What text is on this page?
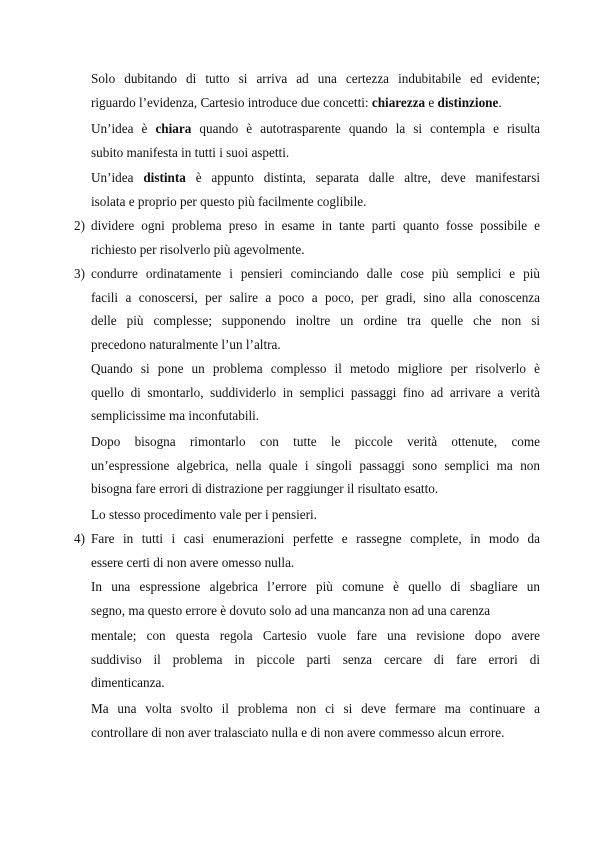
Solo dubitando di tutto si arriva ad una certezza indubitabile ed evidente;
riguardo l’evidenza, Cartesio introduce due concetti: chiarezza e distinzione.
Un’idea è chiara quando è autotrasparente quando la si contempla e risulta
subito manifesta in tutti i suoi aspetti.
Un’idea distinta è appunto distinta, separata dalle altre, deve manifestarsi
isolata e proprio per questo più facilmente coglibile.
2) dividere ogni problema preso in esame in tante parti quanto fosse possibile e
richiesto per risolverlo più agevolmente.
3) condurre ordinatamente i pensieri cominciando dalle cose più semplici e più
facili a conoscersi, per salire a poco a poco, per gradi, sino alla conoscenza
delle più complesse; supponendo inoltre un ordine tra quelle che non si
precedono naturalmente l’un l’altra.
Quando si pone un problema complesso il metodo migliore per risolverlo è
quello di smontarlo, suddividerlo in semplici passaggi fino ad arrivare a verità
semplicissime ma inconfutabili.
Dopo bisogna rimontarlo con tutte le piccole verità ottenute, come
un’espressione algebrica, nella quale i singoli passaggi sono semplici ma non
bisogna fare errori di distrazione per raggiunger il risultato esatto.
Lo stesso procedimento vale per i pensieri.
4) Fare in tutti i casi enumerazioni perfette e rassegne complete, in modo da
essere certi di non avere omesso nulla.
In una espressione algebrica l’errore più comune è quello di sbagliare un
segno, ma questo errore è dovuto solo ad una mancanza non ad una carenza
mentale; con questa regola Cartesio vuole fare una revisione dopo avere
suddiviso il problema in piccole parti senza cercare di fare errori di
dimenticanza.
Ma una volta svolto il problema non ci si deve fermare ma continuare a
controllare di non aver tralasciato nulla e di non avere commesso alcun errore.
